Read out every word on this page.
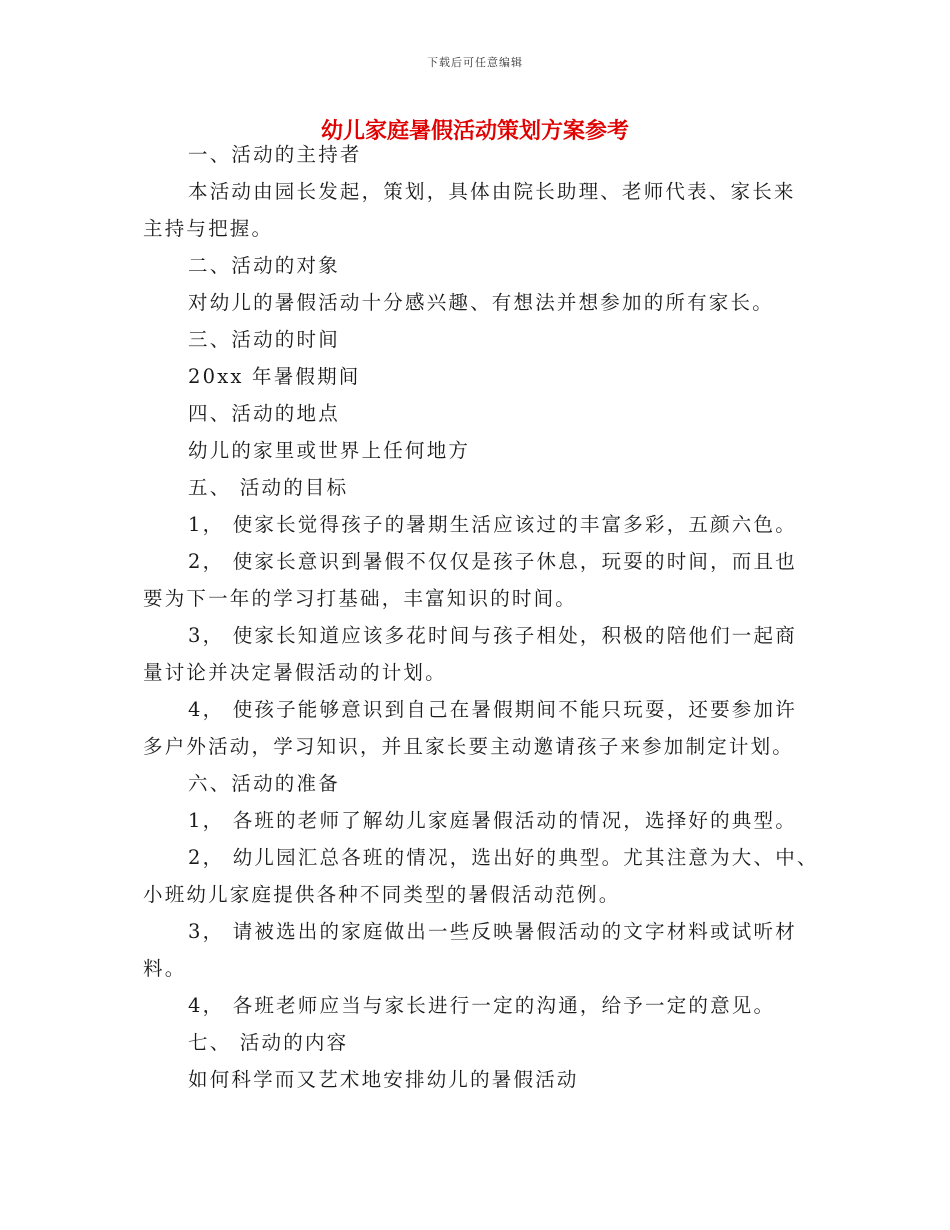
下载后可任意编辑
幼儿家庭暑假活动策划方案参考
一、活动的主持者
本活动由园长发起，策划，具体由院长助理、老师代表、家长来
主持与把握。
二、活动的对象
对幼儿的暑假活动十分感兴趣、有想法并想参加的所有家长。
三、活动的时间
20xx 年暑假期间
四、活动的地点
幼儿的家里或世界上任何地方
五、 活动的目标
1， 使家长觉得孩子的暑期生活应该过的丰富多彩，五颜六色。
2， 使家长意识到暑假不仅仅是孩子休息，玩耍的时间，而且也
要为下一年的学习打基础，丰富知识的时间。
3， 使家长知道应该多花时间与孩子相处，积极的陪他们一起商
量讨论并决定暑假活动的计划。
4， 使孩子能够意识到自己在暑假期间不能只玩耍，还要参加许
多户外活动，学习知识，并且家长要主动邀请孩子来参加制定计划。
六、活动的准备
1， 各班的老师了解幼儿家庭暑假活动的情况，选择好的典型。
2， 幼儿园汇总各班的情况，选出好的典型。尤其注意为大、中、
小班幼儿家庭提供各种不同类型的暑假活动范例。
3， 请被选出的家庭做出一些反映暑假活动的文字材料或试听材
料。
4， 各班老师应当与家长进行一定的沟通，给予一定的意见。
七、 活动的内容
如何科学而又艺术地安排幼儿的暑假活动
